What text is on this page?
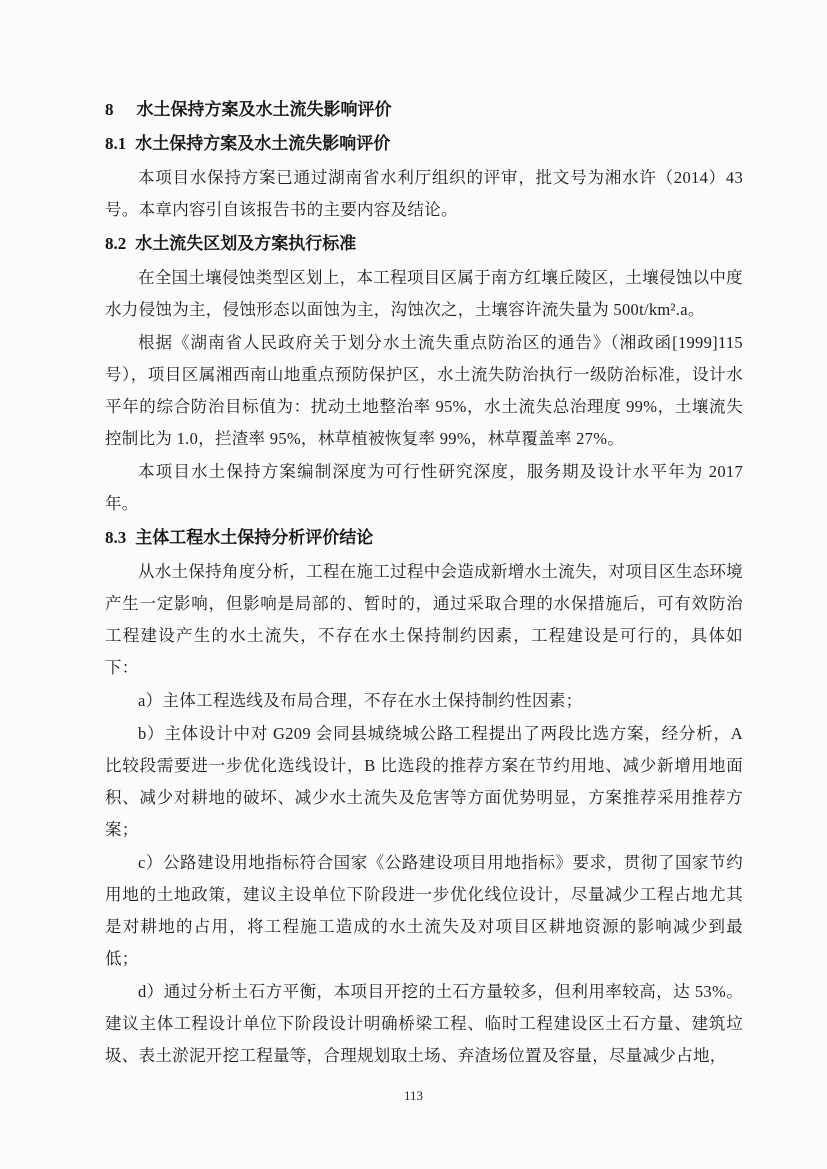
8 水土保持方案及水土流失影响评价
8.1 水土保持方案及水土流失影响评价
本项目水保持方案已通过湖南省水利厅组织的评审，批文号为湘水许（2014）43 号。本章内容引自该报告书的主要内容及结论。
8.2 水土流失区划及方案执行标准
在全国土壤侵蚀类型区划上，本工程项目区属于南方红壤丘陵区，土壤侵蚀以中度水力侵蚀为主，侵蚀形态以面蚀为主，沟蚀次之，土壤容许流失量为 500t/km².a。
根据《湖南省人民政府关于划分水土流失重点防治区的通告》（湘政函[1999]115 号），项目区属湘西南山地重点预防保护区，水土流失防治执行一级防治标准，设计水平年的综合防治目标值为：扰动土地整治率 95%，水土流失总治理度 99%，土壤流失控制比为 1.0，拦渣率 95%，林草植被恢复率 99%，林草覆盖率 27%。
本项目水土保持方案编制深度为可行性研究深度，服务期及设计水平年为 2017 年。
8.3 主体工程水土保持分析评价结论
从水土保持角度分析，工程在施工过程中会造成新增水土流失，对项目区生态环境产生一定影响，但影响是局部的、暂时的，通过采取合理的水保措施后，可有效防治工程建设产生的水土流失，不存在水土保持制约因素，工程建设是可行的，具体如下：
a）主体工程选线及布局合理，不存在水土保持制约性因素；
b）主体设计中对 G209 会同县城绕城公路工程提出了两段比选方案，经分析，A 比较段需要进一步优化选线设计，B 比选段的推荐方案在节约用地、减少新增用地面积、减少对耕地的破坏、减少水土流失及危害等方面优势明显，方案推荐采用推荐方案；
c）公路建设用地指标符合国家《公路建设项目用地指标》要求，贯彻了国家节约用地的土地政策，建议主设单位下阶段进一步优化线位设计，尽量减少工程占地尤其是对耕地的占用，将工程施工造成的水土流失及对项目区耕地资源的影响减少到最低；
d）通过分析土石方平衡，本项目开挖的土石方量较多，但利用率较高，达 53%。建议主体工程设计单位下阶段设计明确桥梁工程、临时工程建设区土石方量、建筑垃圾、表土淤泥开挖工程量等，合理规划取土场、弃渣场位置及容量，尽量减少占地，
113
